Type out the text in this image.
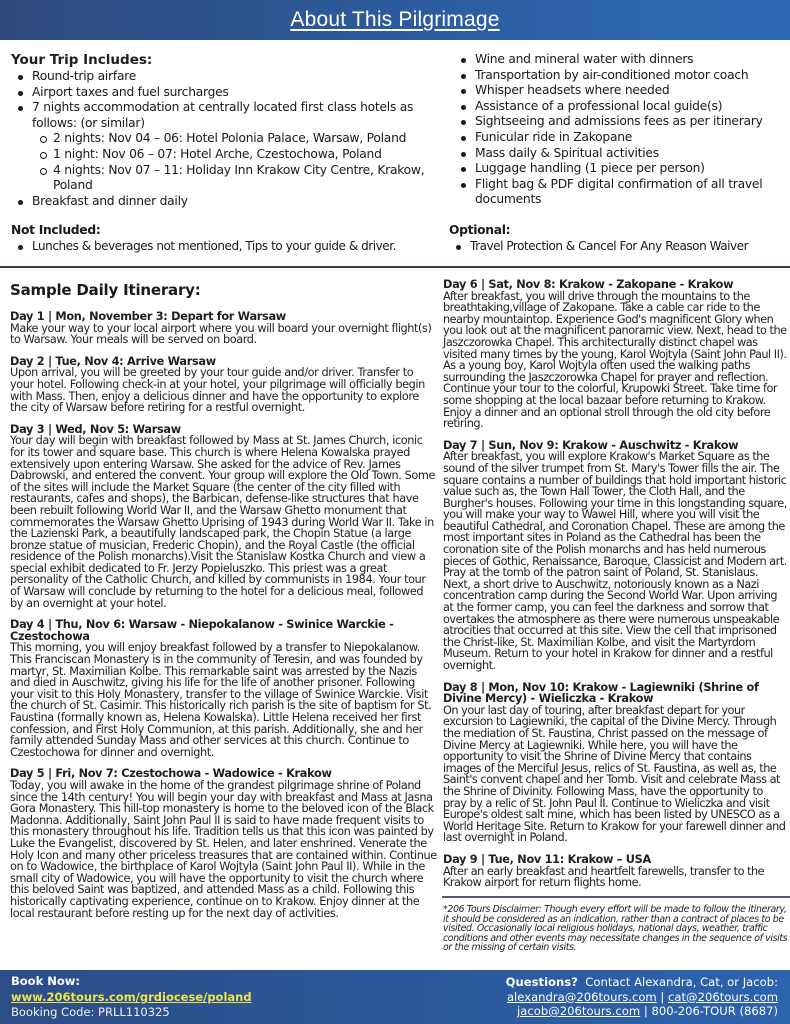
About This Pilgrimage
Your Trip Includes:
Round-trip airfare
Airport taxes and fuel surcharges
7 nights accommodation at centrally located first class hotels as follows: (or similar)
2 nights: Nov 04 – 06: Hotel Polonia Palace, Warsaw, Poland
1 night: Nov 06 – 07: Hotel Arche, Czestochowa, Poland
4 nights: Nov 07 – 11: Holiday Inn Krakow City Centre, Krakow, Poland
Breakfast and dinner daily
Wine and mineral water with dinners
Transportation by air-conditioned motor coach
Whisper headsets where needed
Assistance of a professional local guide(s)
Sightseeing and admissions fees as per itinerary
Funicular ride in Zakopane
Mass daily & Spiritual activities
Luggage handling (1 piece per person)
Flight bag & PDF digital confirmation of all travel documents
Not Included:
Lunches & beverages not mentioned, Tips to your guide & driver.
Optional:
Travel Protection & Cancel For Any Reason Waiver
Sample Daily Itinerary:
Day 1 | Mon, November 3: Depart for Warsaw
Make your way to your local airport where you will board your overnight flight(s) to Warsaw. Your meals will be served on board.
Day 2 | Tue, Nov 4: Arrive Warsaw
Upon arrival, you will be greeted by your tour guide and/or driver. Transfer to your hotel. Following check-in at your hotel, your pilgrimage will officially begin with Mass. Then, enjoy a delicious dinner and have the opportunity to explore the city of Warsaw before retiring for a restful overnight.
Day 3 | Wed, Nov 5: Warsaw
Your day will begin with breakfast followed by Mass at St. James Church, iconic for its tower and square base. This church is where Helena Kowalska prayed extensively upon entering Warsaw. She asked for the advice of Rev. James Dabrowski, and entered the convent. Your group will explore the Old Town. Some of the sites will include the Market Square (the center of the city filled with restaurants, cafes and shops), the Barbican, defense-like structures that have been rebuilt following World War II, and the Warsaw Ghetto monument that commemorates the Warsaw Ghetto Uprising of 1943 during World War II. Take in the Lazienski Park, a beautifully landscaped park, the Chopin Statue (a large bronze statue of musician, Frederic Chopin), and the Royal Castle (the official residence of the Polish monarchs).Visit the Stanislaw Kostka Church and view a special exhibit dedicated to Fr. Jerzy Popieluszko. This priest was a great personality of the Catholic Church, and killed by communists in 1984. Your tour of Warsaw will conclude by returning to the hotel for a delicious meal, followed by an overnight at your hotel.
Day 4 | Thu, Nov 6: Warsaw - Niepokalanow - Swinice Warckie - Czestochowa
This morning, you will enjoy breakfast followed by a transfer to Niepokalanow. This Franciscan Monastery is in the community of Teresin, and was founded by martyr, St. Maximilian Kolbe. This remarkable saint was arrested by the Nazis and died in Auschwitz, giving his life for the life of another prisoner. Following your visit to this Holy Monastery, transfer to the village of Swinice Warckie. Visit the church of St. Casimir. This historically rich parish is the site of baptism for St. Faustina (formally known as, Helena Kowalska). Little Helena received her first confession, and First Holy Communion, at this parish. Additionally, she and her family attended Sunday Mass and other services at this church. Continue to Czestochowa for dinner and overnight.
Day 5 | Fri, Nov 7: Czestochowa - Wadowice - Krakow
Today, you will awake in the home of the grandest pilgrimage shrine of Poland since the 14th century! You will begin your day with breakfast and Mass at Jasna Gora Monastery. This hill-top monastery is home to the beloved icon of the Black Madonna. Additionally, Saint John Paul II is said to have made frequent visits to this monastery throughout his life. Tradition tells us that this icon was painted by Luke the Evangelist, discovered by St. Helen, and later enshrined. Venerate the Holy Icon and many other priceless treasures that are contained within. Continue on to Wadowice, the birthplace of Karol Wojtyla (Saint John Paul II). While in the small city of Wadowice, you will have the opportunity to visit the church where this beloved Saint was baptized, and attended Mass as a child. Following this historically captivating experience, continue on to Krakow. Enjoy dinner at the local restaurant before resting up for the next day of activities.
Day 6 | Sat, Nov 8: Krakow - Zakopane - Krakow
After breakfast, you will drive through the mountains to the breathtaking,village of Zakopane. Take a cable car ride to the nearby mountaintop. Experience God's magnificent Glory when you look out at the magnificent panoramic view. Next, head to the Jaszczorowka Chapel. This architecturally distinct chapel was visited many times by the young, Karol Wojtyla (Saint John Paul II). As a young boy, Karol Wojtyla often used the walking paths surrounding the Jaszczorowka Chapel for prayer and reflection. Continue your tour to the colorful, Krupowki Street. Take time for some shopping at the local bazaar before returning to Krakow. Enjoy a dinner and an optional stroll through the old city before retiring.
Day 7 | Sun, Nov 9: Krakow - Auschwitz - Krakow
After breakfast, you will explore Krakow's Market Square as the sound of the silver trumpet from St. Mary's Tower fills the air. The square contains a number of buildings that hold important historic value such as, the Town Hall Tower, the Cloth Hall, and the Burgher's houses. Following your time in this longstanding square, you will make your way to Wawel Hill, where you will visit the beautiful Cathedral, and Coronation Chapel. These are among the most important sites in Poland as the Cathedral has been the coronation site of the Polish monarchs and has held numerous pieces of Gothic, Renaissance, Baroque, Classicist and Modern art. Pray at the tomb of the patron saint of Poland, St. Stanislaus. Next, a short drive to Auschwitz, notoriously known as a Nazi concentration camp during the Second World War. Upon arriving at the former camp, you can feel the darkness and sorrow that overtakes the atmosphere as there were numerous unspeakable atrocities that occurred at this site. View the cell that imprisoned the Christ-like, St. Maximilian Kolbe, and visit the Martyrdom Museum. Return to your hotel in Krakow for dinner and a restful overnight.
Day 8 | Mon, Nov 10: Krakow - Lagiewniki (Shrine of Divine Mercy) - Wieliczka - Krakow
On your last day of touring, after breakfast depart for your excursion to Lagiewniki, the capital of the Divine Mercy. Through the mediation of St. Faustina, Christ passed on the message of Divine Mercy at Lagiewniki. While here, you will have the opportunity to visit the Shrine of Divine Mercy that contains images of the Merciful Jesus, relics of St. Faustina, as well as, the Saint's convent chapel and her Tomb. Visit and celebrate Mass at the Shrine of Divinity. Following Mass, have the opportunity to pray by a relic of St. John Paul II. Continue to Wieliczka and visit Europe's oldest salt mine, which has been listed by UNESCO as a World Heritage Site. Return to Krakow for your farewell dinner and last overnight in Poland.
Day 9 | Tue, Nov 11: Krakow – USA
After an early breakfast and heartfelt farewells, transfer to the Krakow airport for return flights home.
*206 Tours Disclaimer: Though every effort will be made to follow the itinerary, it should be considered as an indication, rather than a contract of places to be visited. Occasionally local religious holidays, national days, weather, traffic conditions and other events may necessitate changes in the sequence of visits or the missing of certain visits.
Book Now:
www.206tours.com/grdiocese/poland
Booking Code: PRLL110325
Questions? Contact Alexandra, Cat, or Jacob:
alexandra@206tours.com | cat@206tours.com
jacob@206tours.com | 800-206-TOUR (8687)
